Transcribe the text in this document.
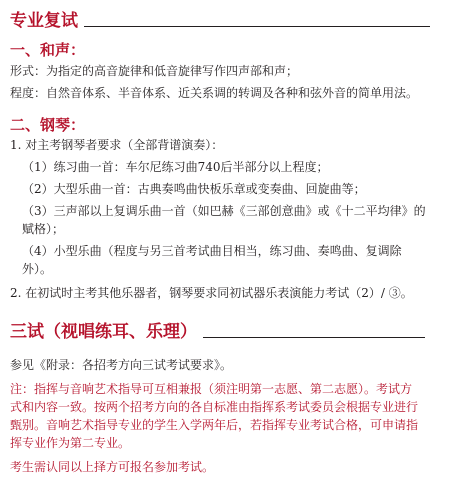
专业复试
一、和声：
形式：为指定的高音旋律和低音旋律写作四声部和声；
程度：自然音体系、半音体系、近关系调的转调及各种和弦外音的简单用法。
二、钢琴：
1. 对主考钢琴者要求（全部背谱演奏）：
（1）练习曲一首：车尔尼练习曲740后半部分以上程度；
（2）大型乐曲一首：古典奏鸣曲快板乐章或变奏曲、回旋曲等；
（3）三声部以上复调乐曲一首（如巴赫《三部创意曲》或《十二平均律》的
赋格）；
（4）小型乐曲（程度与另三首考试曲目相当，练习曲、奏鸣曲、复调除
外）。
2. 在初试时主考其他乐器者，钢琴要求同初试器乐表演能力考试（2）/ ③。
三试（视唱练耳、乐理）
参见《附录：各招考方向三试考试要求》。
注：指挥与音响艺术指导可互相兼报（须注明第一志愿、第二志愿）。考试方
式和内容一致。按两个招考方向的各自标准由指挥系考试委员会根据专业进行
甄别。音响艺术指导专业的学生入学两年后，若指挥专业考试合格，可申请指
挥专业作为第二专业。
考生需认同以上择方可报名参加考试。
